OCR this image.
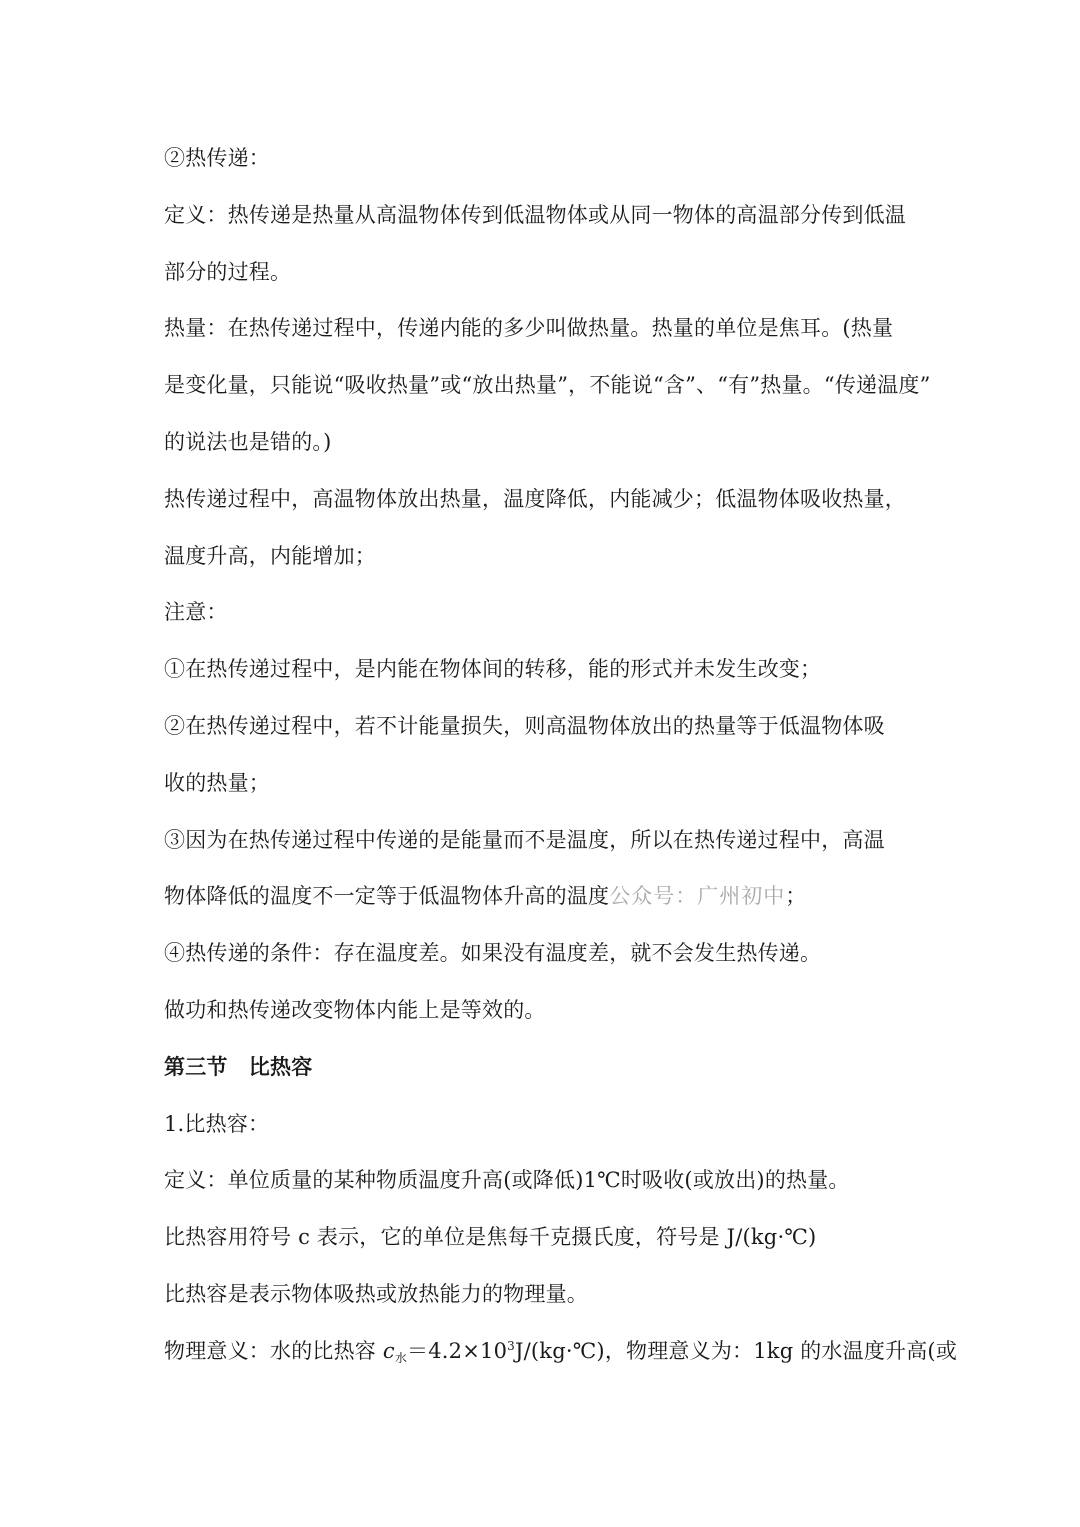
②热传递：
定义：热传递是热量从高温物体传到低温物体或从同一物体的高温部分传到低温
部分的过程。
热量：在热传递过程中，传递内能的多少叫做热量。热量的单位是焦耳。(热量
是变化量，只能说“吸收热量”或“放出热量”，不能说“含”、“有”热量。“传递温度”
的说法也是错的。)
热传递过程中，高温物体放出热量，温度降低，内能减少；低温物体吸收热量，
温度升高，内能增加；
注意：
①在热传递过程中，是内能在物体间的转移，能的形式并未发生改变；
②在热传递过程中，若不计能量损失，则高温物体放出的热量等于低温物体吸
收的热量；
③因为在热传递过程中传递的是能量而不是温度，所以在热传递过程中，高温
物体降低的温度不一定等于低温物体升高的温度公众号：广州初中；
④热传递的条件：存在温度差。如果没有温度差，就不会发生热传递。
做功和热传递改变物体内能上是等效的。
第三节　比热容
1.比热容：
定义：单位质量的某种物质温度升高(或降低)1℃时吸收(或放出)的热量。
比热容用符号 c 表示，它的单位是焦每千克摄氏度，符号是 J/(kg·℃)
比热容是表示物体吸热或放热能力的物理量。
物理意义：水的比热容 $c_水=4.2\times 10^3J/(kg\cdot℃)$，物理意义为：1kg 的水温度升高(或
